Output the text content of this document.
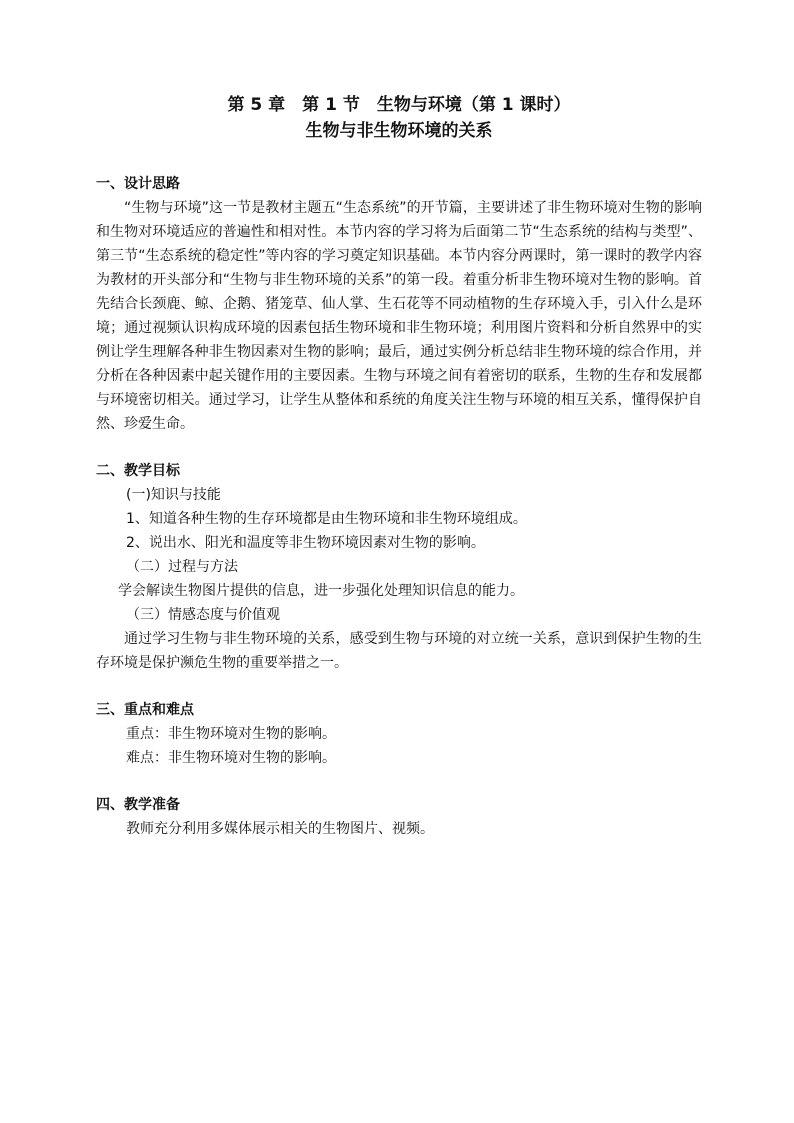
第 5 章　第 1 节　生物与环境（第 1 课时）
生物与非生物环境的关系

一、设计思路

“生物与环境”这一节是教材主题五“生态系统”的开节篇，主要讲述了非生物环境对生物的影响和生物对环境适应的普遍性和相对性。本节内容的学习将为后面第二节“生态系统的结构与类型”、第三节“生态系统的稳定性”等内容的学习奠定知识基础。本节内容分两课时，第一课时的教学内容为教材的开头部分和“生物与非生物环境的关系”的第一段。着重分析非生物环境对生物的影响。首先结合长颈鹿、鲸、企鹅、猪笼草、仙人掌、生石花等不同动植物的生存环境入手，引入什么是环境；通过视频认识构成环境的因素包括生物环境和非生物环境；利用图片资料和分析自然界中的实例让学生理解各种非生物因素对生物的影响；最后，通过实例分析总结非生物环境的综合作用，并分析在各种因素中起关键作用的主要因素。生物与环境之间有着密切的联系，生物的生存和发展都与环境密切相关。通过学习，让学生从整体和系统的角度关注生物与环境的相互关系，懂得保护自然、珍爱生命。

二、教学目标

(一)知识与技能

1、知道各种生物的生存环境都是由生物环境和非生物环境组成。

2、说出水、阳光和温度等非生物环境因素对生物的影响。

（二）过程与方法

学会解读生物图片提供的信息，进一步强化处理知识信息的能力。

（三）情感态度与价值观

通过学习生物与非生物环境的关系，感受到生物与环境的对立统一关系，意识到保护生物的生存环境是保护濒危生物的重要举措之一。

三、重点和难点

重点：非生物环境对生物的影响。

难点：非生物环境对生物的影响。

四、教学准备

教师充分利用多媒体展示相关的生物图片、视频。
